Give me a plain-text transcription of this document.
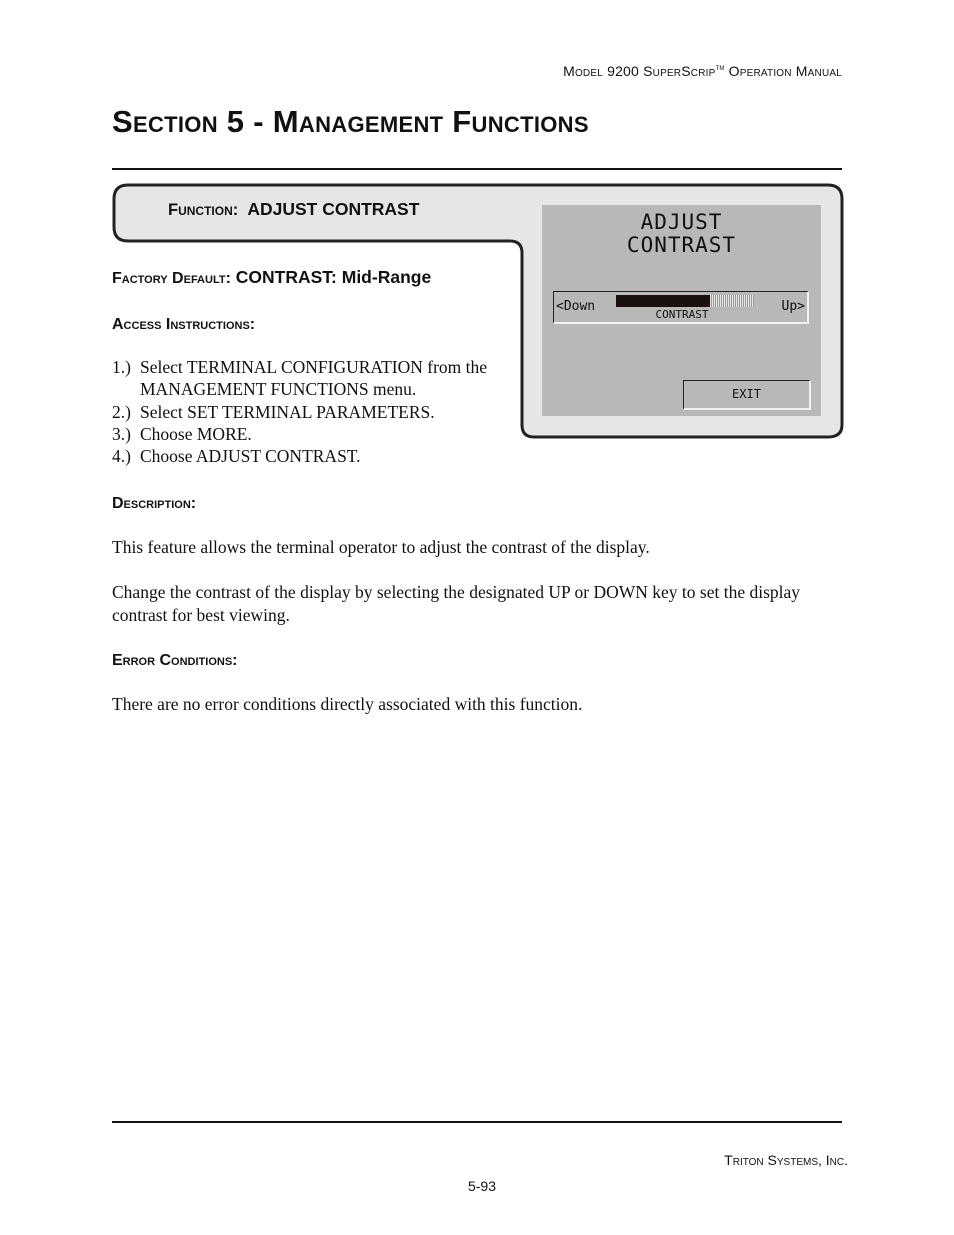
Model 9200 SuperScrip™ Operation Manual
Section 5 - Management Functions
Function: ADJUST CONTRAST
ADJUST
CONTRAST
<Down	Up>
CONTRAST
EXIT
Factory Default: CONTRAST: Mid-Range
Access Instructions:
1.) Select TERMINAL CONFIGURATION from the
MANAGEMENT FUNCTIONS menu.
2.) Select SET TERMINAL PARAMETERS.
3.) Choose MORE.
4.) Choose ADJUST CONTRAST.
Description:

This feature allows the terminal operator to adjust the contrast of the display.

Change the contrast of the display by selecting the designated UP or DOWN key to set the display contrast for best viewing.

Error Conditions:

There are no error conditions directly associated with this function.

Triton Systems, Inc.
5-93
